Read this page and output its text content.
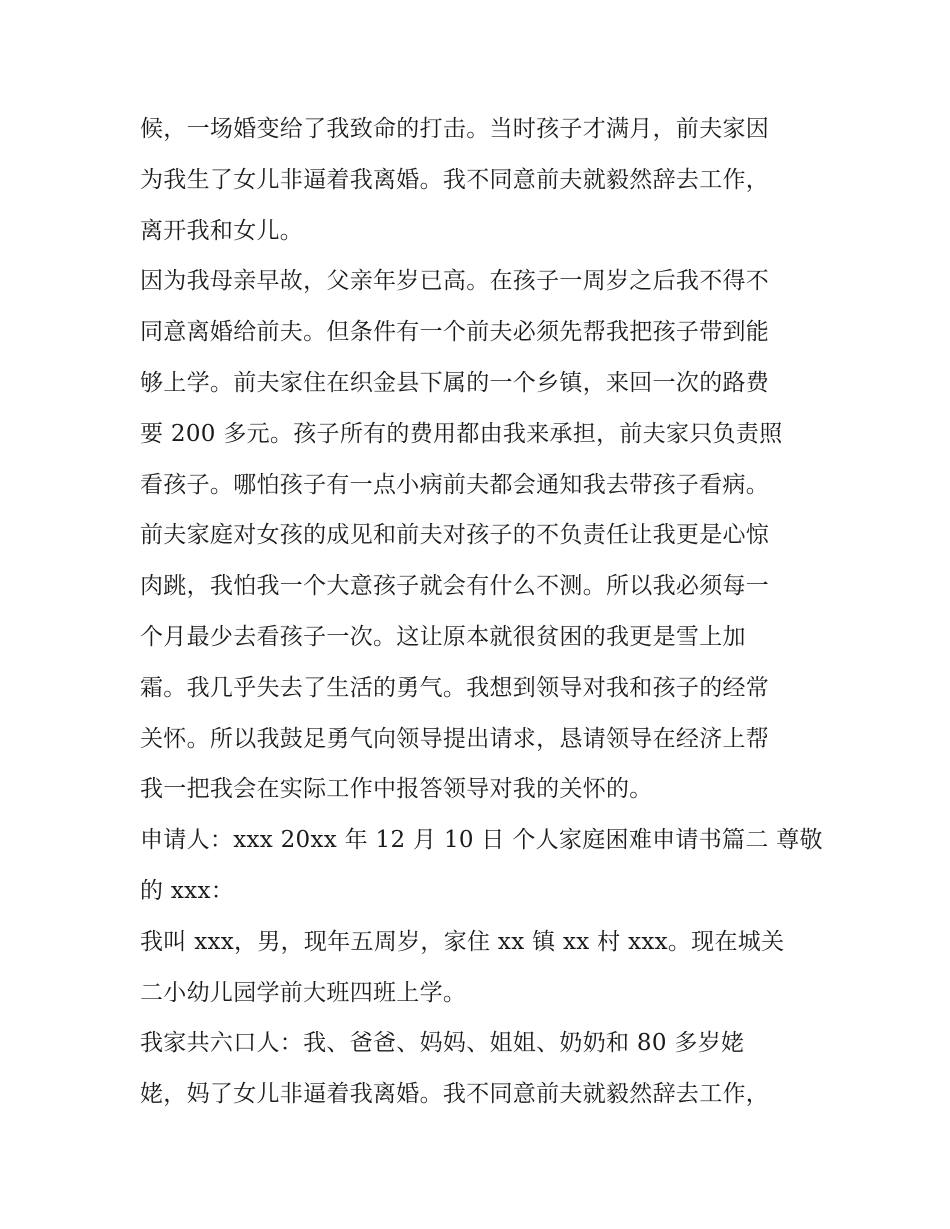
候，一场婚变给了我致命的打击。当时孩子才满月，前夫家因
为我生了女儿非逼着我离婚。我不同意前夫就毅然辞去工作，
离开我和女儿。
因为我母亲早故，父亲年岁已高。在孩子一周岁之后我不得不
同意离婚给前夫。但条件有一个前夫必须先帮我把孩子带到能
够上学。前夫家住在织金县下属的一个乡镇，来回一次的路费
要 200 多元。孩子所有的费用都由我来承担，前夫家只负责照
看孩子。哪怕孩子有一点小病前夫都会通知我去带孩子看病。
前夫家庭对女孩的成见和前夫对孩子的不负责任让我更是心惊
肉跳，我怕我一个大意孩子就会有什么不测。所以我必须每一
个月最少去看孩子一次。这让原本就很贫困的我更是雪上加
霜。我几乎失去了生活的勇气。我想到领导对我和孩子的经常
关怀。所以我鼓足勇气向领导提出请求，恳请领导在经济上帮
我一把我会在实际工作中报答领导对我的关怀的。
申请人：xxx 20xx 年 12 月 10 日 个人家庭困难申请书篇二 尊敬
的 xxx：
我叫 xxx，男，现年五周岁，家住 xx 镇 xx 村 xxx。现在城关
二小幼儿园学前大班四班上学。
我家共六口人：我、爸爸、妈妈、姐姐、奶奶和 80 多岁姥
姥，妈了女儿非逼着我离婚。我不同意前夫就毅然辞去工作，
